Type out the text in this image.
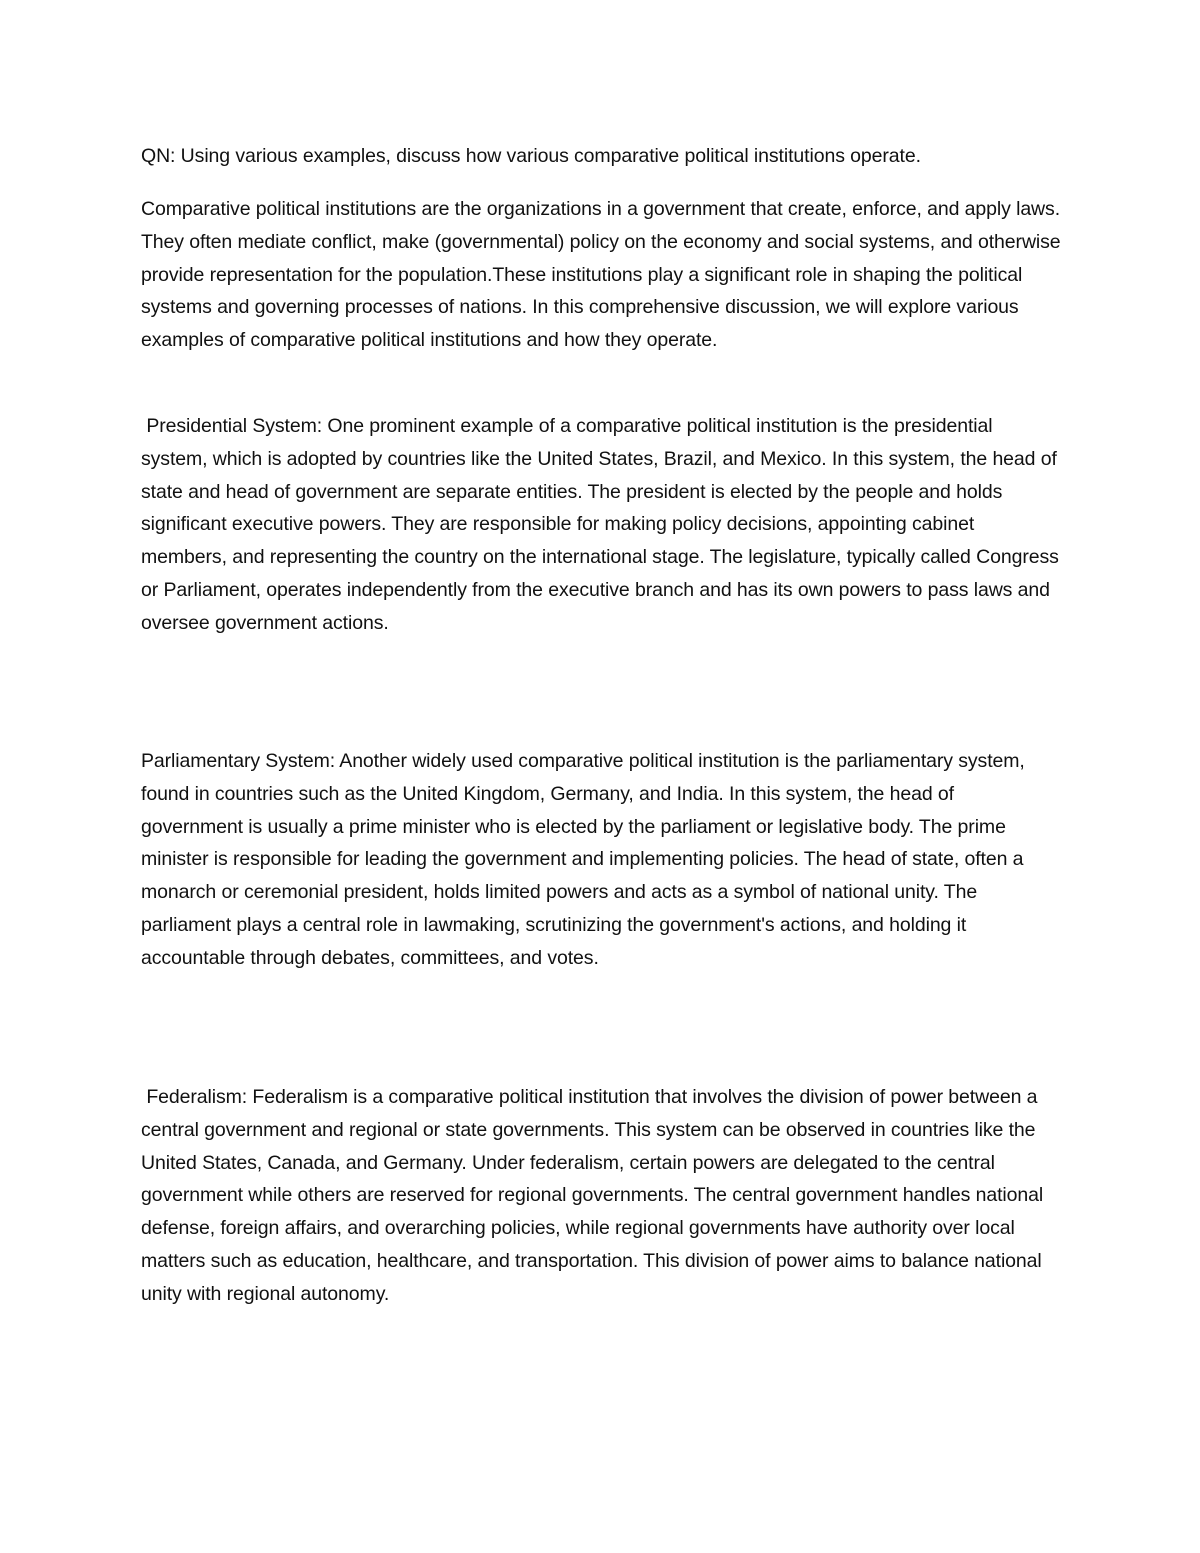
QN: Using various examples, discuss how various comparative political institutions operate.

Comparative political institutions are the organizations in a government that create, enforce, and apply laws. They often mediate conflict, make (governmental) policy on the economy and social systems, and otherwise provide representation for the population.These institutions play a significant role in shaping the political systems and governing processes of nations. In this comprehensive discussion, we will explore various examples of comparative political institutions and how they operate.

Presidential System: One prominent example of a comparative political institution is the presidential system, which is adopted by countries like the United States, Brazil, and Mexico. In this system, the head of state and head of government are separate entities. The president is elected by the people and holds significant executive powers. They are responsible for making policy decisions, appointing cabinet members, and representing the country on the international stage. The legislature, typically called Congress or Parliament, operates independently from the executive branch and has its own powers to pass laws and oversee government actions.

Parliamentary System: Another widely used comparative political institution is the parliamentary system, found in countries such as the United Kingdom, Germany, and India. In this system, the head of government is usually a prime minister who is elected by the parliament or legislative body. The prime minister is responsible for leading the government and implementing policies. The head of state, often a monarch or ceremonial president, holds limited powers and acts as a symbol of national unity. The parliament plays a central role in lawmaking, scrutinizing the government's actions, and holding it accountable through debates, committees, and votes.

Federalism: Federalism is a comparative political institution that involves the division of power between a central government and regional or state governments. This system can be observed in countries like the United States, Canada, and Germany. Under federalism, certain powers are delegated to the central government while others are reserved for regional governments. The central government handles national defense, foreign affairs, and overarching policies, while regional governments have authority over local matters such as education, healthcare, and transportation. This division of power aims to balance national unity with regional autonomy.
